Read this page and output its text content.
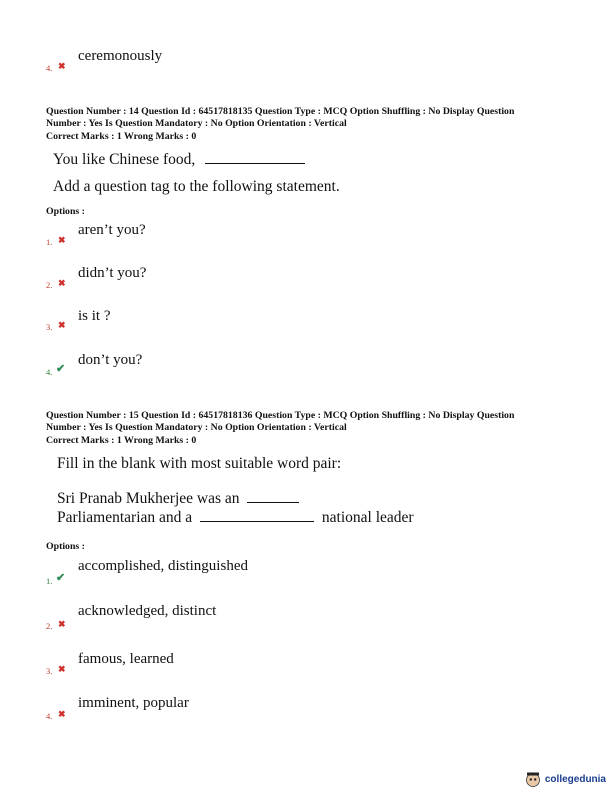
4. ✖
ceremonously
Question Number : 14 Question Id : 64517818135 Question Type : MCQ Option Shuffling : No Display Question
Number : Yes Is Question Mandatory : No Option Orientation : Vertical
Correct Marks : 1 Wrong Marks : 0
You like Chinese food,
Add a question tag to the following statement.
Options :
1. ✖
aren’t you?
2. ✖
didn’t you?
3. ✖
is it ?
4. ✔
don’t you?
Question Number : 15 Question Id : 64517818136 Question Type : MCQ Option Shuffling : No Display Question
Number : Yes Is Question Mandatory : No Option Orientation : Vertical
Correct Marks : 1 Wrong Marks : 0
Fill in the blank with most suitable word pair:
Sri Pranab Mukherjee was an
Parliamentarian and a	national leader
Options :
1. ✔
accomplished, distinguished
2. ✖
acknowledged, distinct
3. ✖
famous, learned
4. ✖
imminent, popular
collegedunia
